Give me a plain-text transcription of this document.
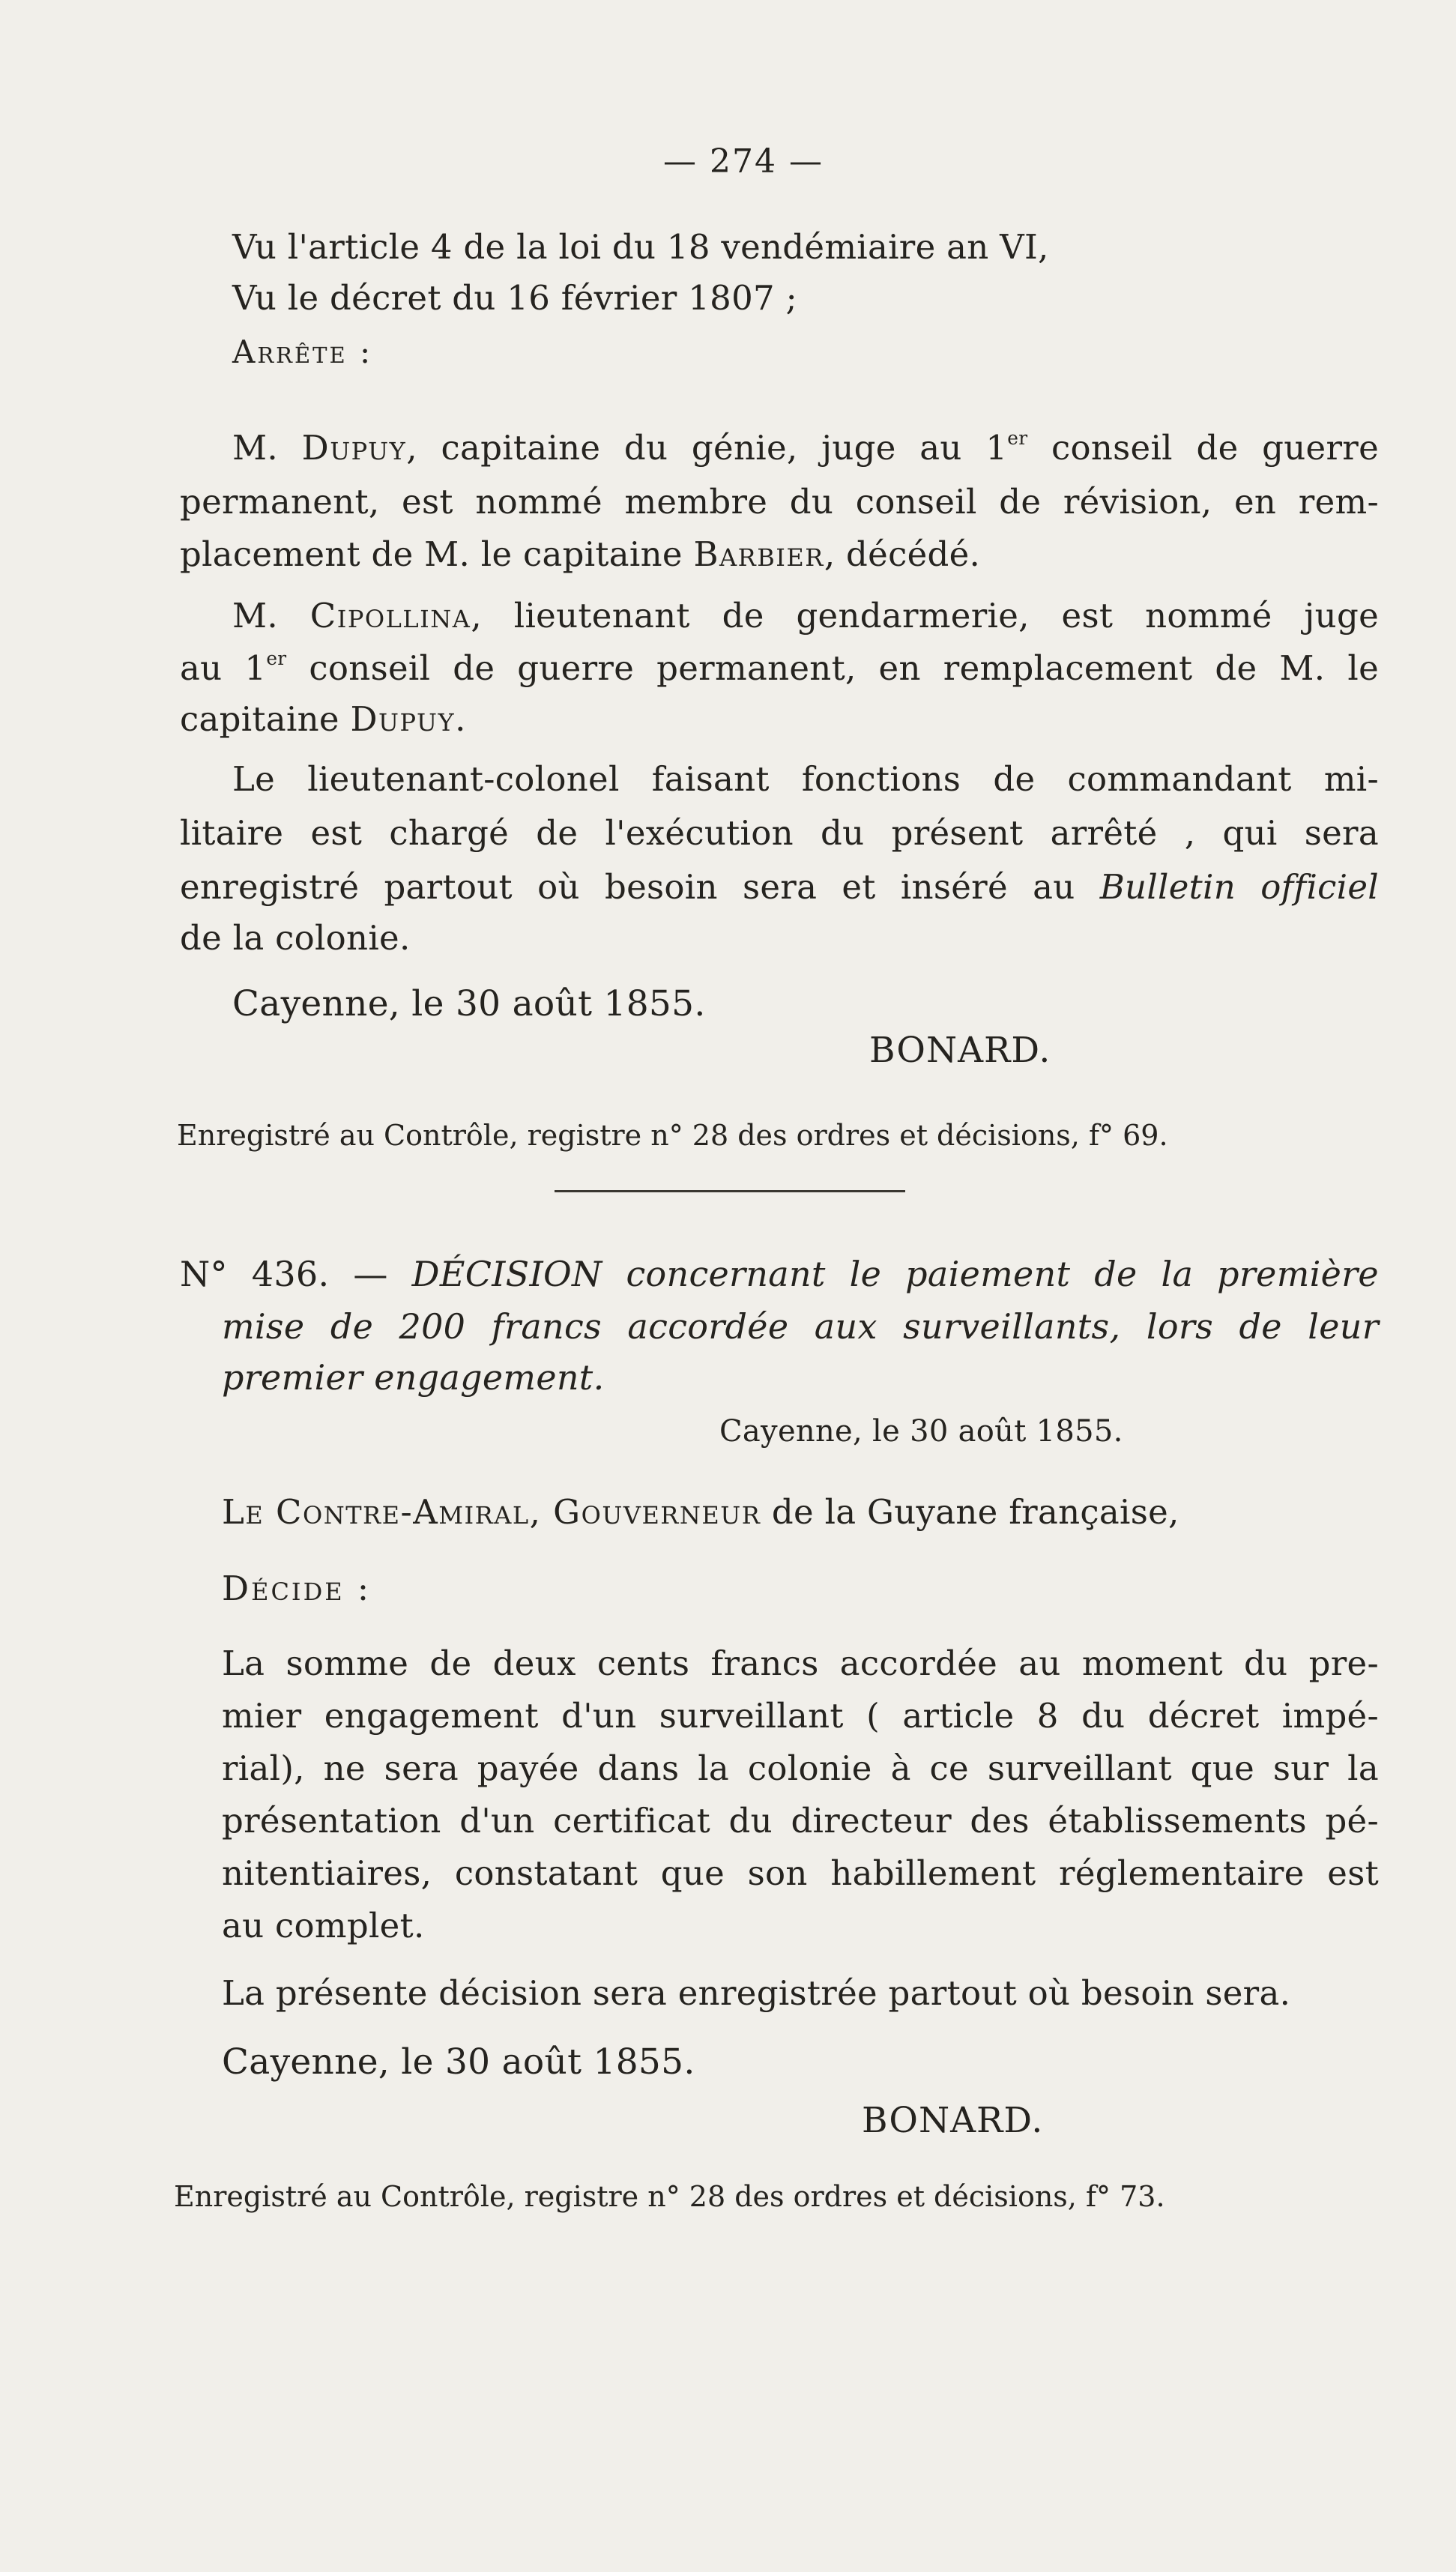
— 274 —

Vu l'article 4 de la loi du 18 vendémiaire an VI,

Vu le décret du 16 février 1807 ;

Arrête :

M. Dupuy, capitaine du génie, juge au 1er conseil de guerre

permanent, est nommé membre du conseil de révision, en rem-

placement de M. le capitaine Barbier, décédé.

M. Cipollina, lieutenant de gendarmerie, est nommé juge

au 1er conseil de guerre permanent, en remplacement de M. le

capitaine Dupuy.

Le lieutenant-colonel faisant fonctions de commandant mi-

litaire est chargé de l'exécution du présent arrêté , qui sera

enregistré partout où besoin sera et inséré au Bulletin officiel

de la colonie.

Cayenne, le 30 août 1855.

BONARD.

Enregistré au Contrôle, registre n° 28 des ordres et décisions, f° 69.

N° 436. — DÉCISION concernant le paiement de la première

mise de 200 francs accordée aux surveillants, lors de leur

premier engagement.

Cayenne, le 30 août 1855.

Le Contre-Amiral, Gouverneur de la Guyane française,

Décide :

La somme de deux cents francs accordée au moment du pre-

mier engagement d'un surveillant ( article 8 du décret impé-

rial), ne sera payée dans la colonie à ce surveillant que sur la

présentation d'un certificat du directeur des établissements pé-

nitentiaires, constatant que son habillement réglementaire est

au complet.

La présente décision sera enregistrée partout où besoin sera.

Cayenne, le 30 août 1855.

BONARD.

Enregistré au Contrôle, registre n° 28 des ordres et décisions, f° 73.
